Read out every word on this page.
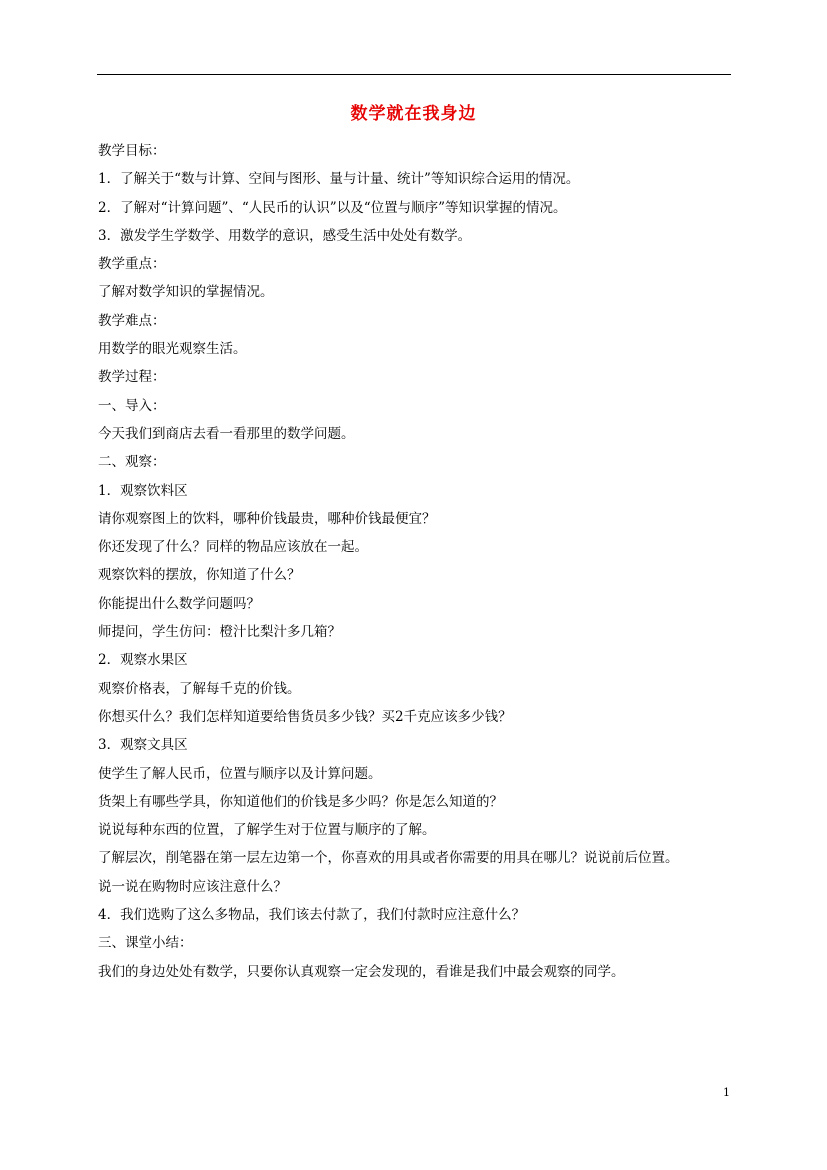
数学就在我身边
教学目标：
1．了解关于“数与计算、空间与图形、量与计量、统计”等知识综合运用的情况。
2．了解对“计算问题”、“人民币的认识”以及“位置与顺序”等知识掌握的情况。
3．激发学生学数学、用数学的意识，感受生活中处处有数学。
教学重点：
了解对数学知识的掌握情况。
教学难点：
用数学的眼光观察生活。
教学过程：
一、导入：
今天我们到商店去看一看那里的数学问题。
二、观察：
1．观察饮料区
请你观察图上的饮料，哪种价钱最贵，哪种价钱最便宜？
你还发现了什么？同样的物品应该放在一起。
观察饮料的摆放，你知道了什么？
你能提出什么数学问题吗？
师提问，学生仿问：橙汁比梨汁多几箱？
2．观察水果区
观察价格表，了解每千克的价钱。
你想买什么？我们怎样知道要给售货员多少钱？买2千克应该多少钱？
3．观察文具区
使学生了解人民币，位置与顺序以及计算问题。
货架上有哪些学具，你知道他们的价钱是多少吗？你是怎么知道的？
说说每种东西的位置，了解学生对于位置与顺序的了解。
了解层次，削笔器在第一层左边第一个，你喜欢的用具或者你需要的用具在哪儿？说说前后位置。
说一说在购物时应该注意什么？
4．我们选购了这么多物品，我们该去付款了，我们付款时应注意什么？
三、课堂小结：
我们的身边处处有数学，只要你认真观察一定会发现的，看谁是我们中最会观察的同学。
1
